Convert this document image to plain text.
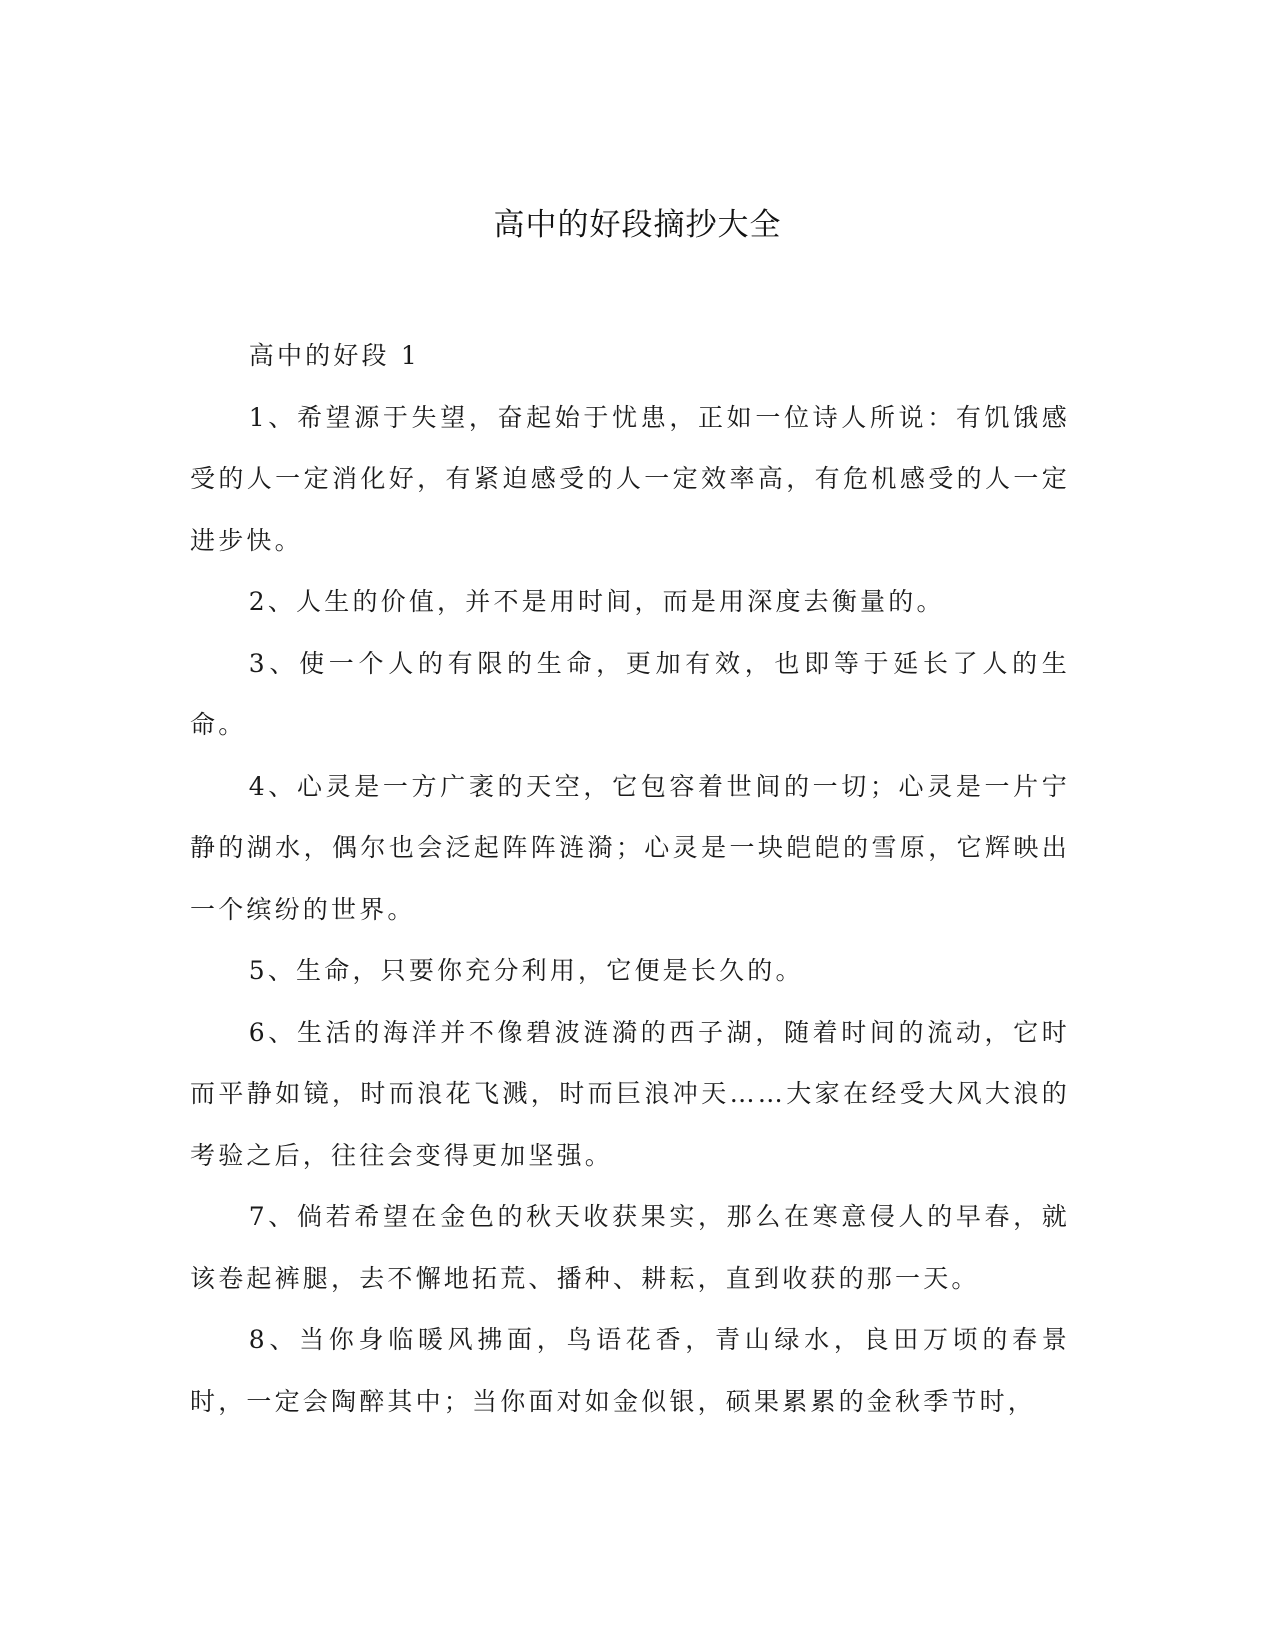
高中的好段摘抄大全

高中的好段 1

1、希望源于失望，奋起始于忧患，正如一位诗人所说：有饥饿感受的人一定消化好，有紧迫感受的人一定效率高，有危机感受的人一定进步快。

2、人生的价值，并不是用时间，而是用深度去衡量的。

3、使一个人的有限的生命，更加有效，也即等于延长了人的生命。

4、心灵是一方广袤的天空，它包容着世间的一切；心灵是一片宁静的湖水，偶尔也会泛起阵阵涟漪；心灵是一块皑皑的雪原，它辉映出一个缤纷的世界。

5、生命，只要你充分利用，它便是长久的。

6、生活的海洋并不像碧波涟漪的西子湖，随着时间的流动，它时而平静如镜，时而浪花飞溅，时而巨浪冲天……大家在经受大风大浪的考验之后，往往会变得更加坚强。

7、倘若希望在金色的秋天收获果实，那么在寒意侵人的早春，就该卷起裤腿，去不懈地拓荒、播种、耕耘，直到收获的那一天。

8、当你身临暖风拂面，鸟语花香，青山绿水，良田万顷的春景时，一定会陶醉其中；当你面对如金似银，硕果累累的金秋季节时，
